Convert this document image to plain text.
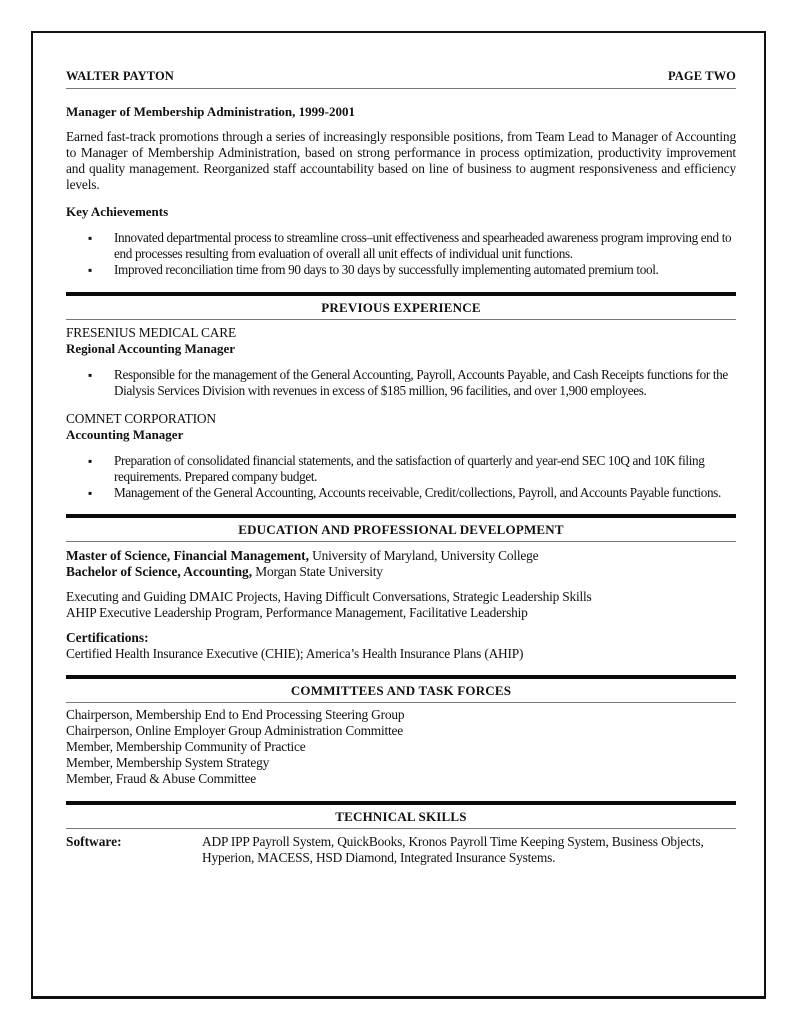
WALTER PAYTON	PAGE TWO
Manager of Membership Administration, 1999-2001

Earned fast-track promotions through a series of increasingly responsible positions, from Team Lead to Manager of Accounting to Manager of Membership Administration, based on strong performance in process optimization, productivity improvement and quality management. Reorganized staff accountability based on line of business to augment responsiveness and efficiency levels.

Key Achievements
▪ Innovated departmental process to streamline cross–unit effectiveness and spearheaded awareness program improving end to end processes resulting from evaluation of overall all unit effects of individual unit functions.
▪ Improved reconciliation time from 90 days to 30 days by successfully implementing automated premium tool.
PREVIOUS EXPERIENCE
FRESENIUS MEDICAL CARE
Regional Accounting Manager
▪ Responsible for the management of the General Accounting, Payroll, Accounts Payable, and Cash Receipts functions for the Dialysis Services Division with revenues in excess of $185 million, 96 facilities, and over 1,900 employees.
COMNET CORPORATION
Accounting Manager
▪ Preparation of consolidated financial statements, and the satisfaction of quarterly and year-end SEC 10Q and 10K filing requirements. Prepared company budget.
▪ Management of the General Accounting, Accounts receivable, Credit/collections, Payroll, and Accounts Payable functions.
EDUCATION AND PROFESSIONAL DEVELOPMENT
Master of Science, Financial Management, University of Maryland, University College
Bachelor of Science, Accounting, Morgan State University
Executing and Guiding DMAIC Projects, Having Difficult Conversations, Strategic Leadership Skills
AHIP Executive Leadership Program, Performance Management, Facilitative Leadership
Certifications:
Certified Health Insurance Executive (CHIE); America’s Health Insurance Plans (AHIP)
COMMITTEES AND TASK FORCES
Chairperson, Membership End to End Processing Steering Group
Chairperson, Online Employer Group Administration Committee
Member, Membership Community of Practice
Member, Membership System Strategy
Member, Fraud & Abuse Committee
TECHNICAL SKILLS
Software:	ADP IPP Payroll System, QuickBooks, Kronos Payroll Time Keeping System, Business Objects, Hyperion, MACESS, HSD Diamond, Integrated Insurance Systems.
